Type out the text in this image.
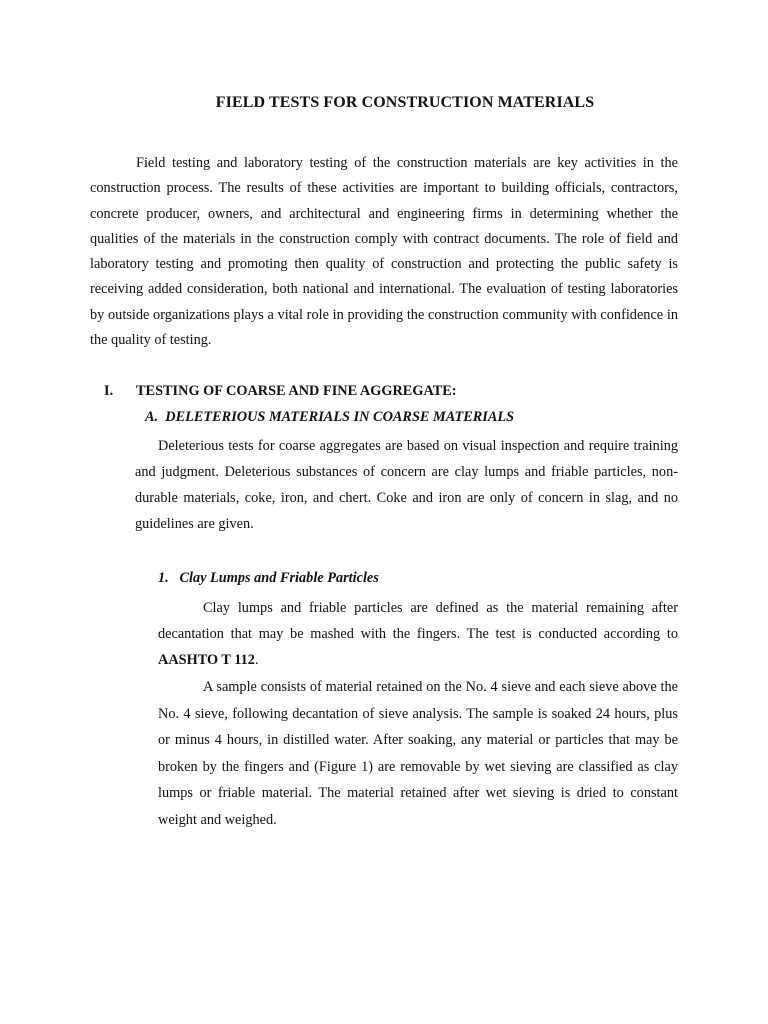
FIELD TESTS FOR CONSTRUCTION MATERIALS

Field testing and laboratory testing of the construction materials are key activities in the construction process. The results of these activities are important to building officials, contractors, concrete producer, owners, and architectural and engineering firms in determining whether the qualities of the materials in the construction comply with contract documents. The role of field and laboratory testing and promoting then quality of construction and protecting the public safety is receiving added consideration, both national and international. The evaluation of testing laboratories by outside organizations plays a vital role in providing the construction community with confidence in the quality of testing.

I. TESTING OF COARSE AND FINE AGGREGATE:
A. DELETERIOUS MATERIALS IN COARSE MATERIALS

Deleterious tests for coarse aggregates are based on visual inspection and require training and judgment. Deleterious substances of concern are clay lumps and friable particles, non-durable materials, coke, iron, and chert. Coke and iron are only of concern in slag, and no guidelines are given.

1. Clay Lumps and Friable Particles

Clay lumps and friable particles are defined as the material remaining after decantation that may be mashed with the fingers. The test is conducted according to AASHTO T 112.

A sample consists of material retained on the No. 4 sieve and each sieve above the No. 4 sieve, following decantation of sieve analysis. The sample is soaked 24 hours, plus or minus 4 hours, in distilled water. After soaking, any material or particles that may be broken by the fingers and (Figure 1) are removable by wet sieving are classified as clay lumps or friable material. The material retained after wet sieving is dried to constant weight and weighed.
